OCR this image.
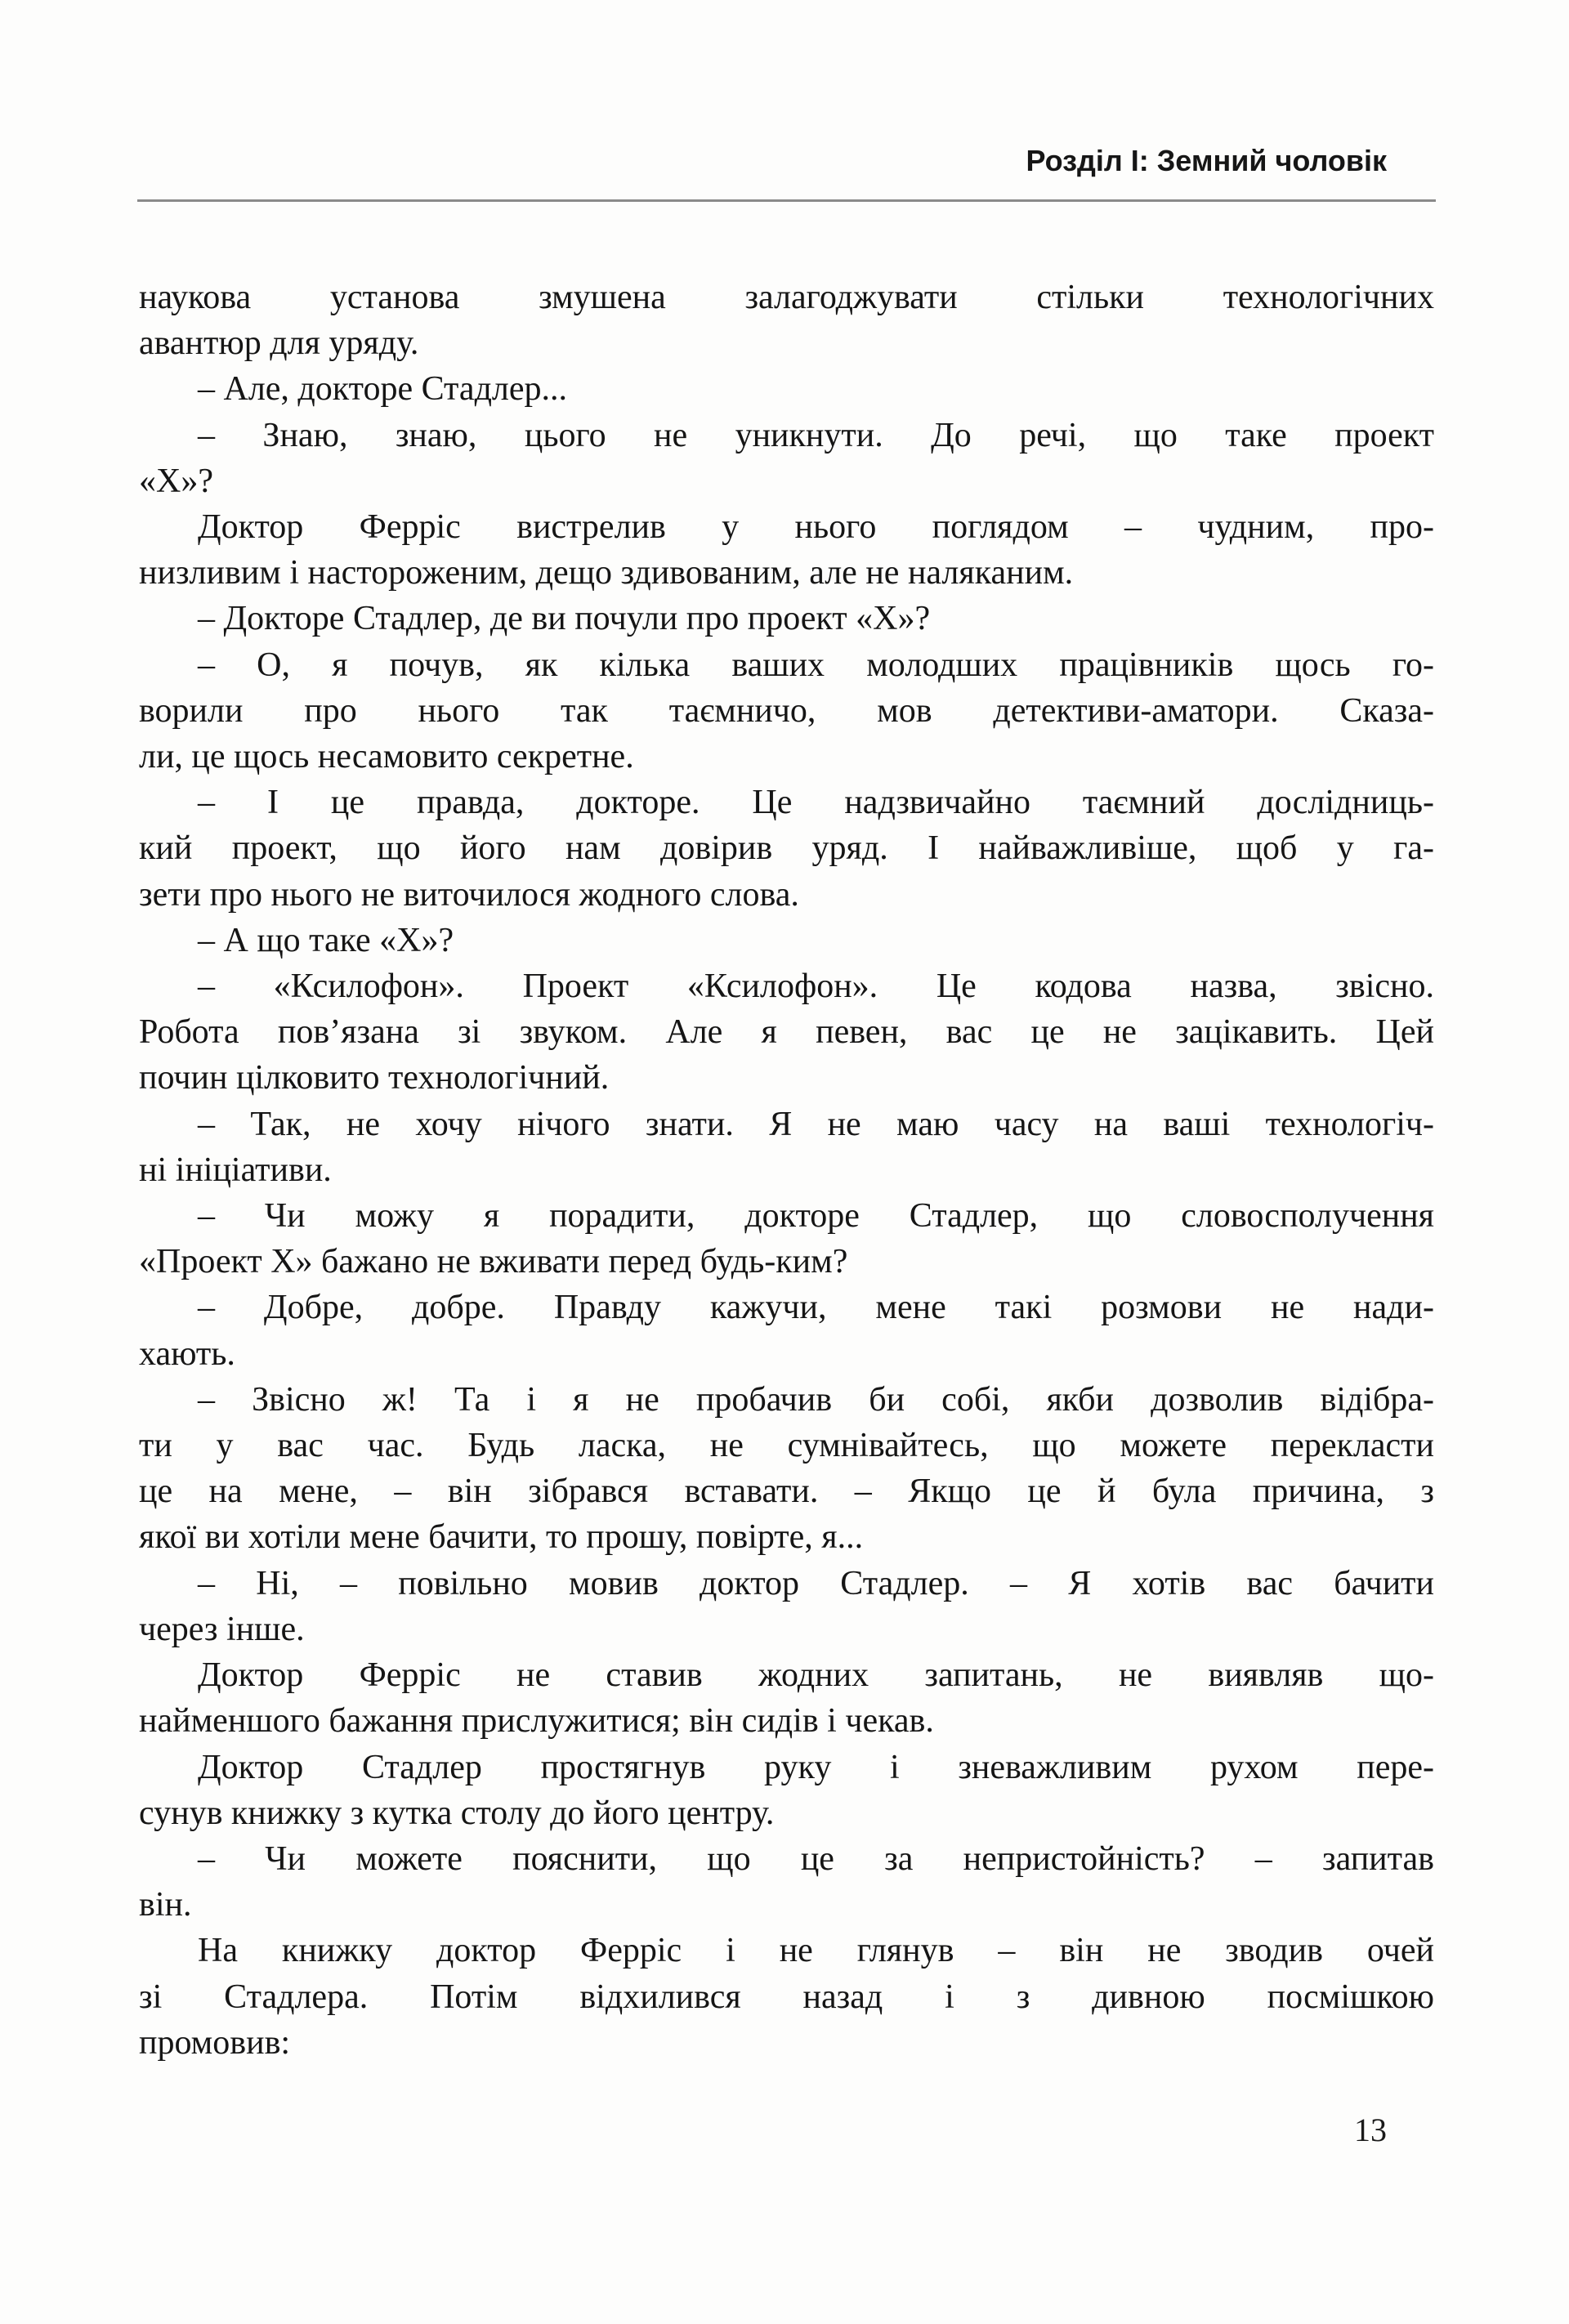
Розділ І: Земний чоловік
наукова установа змушена залагоджувати стільки технологічних
авантюр для уряду.
– Але, докторе Стадлер...
– Знаю, знаю, цього не уникнути. До речі, що таке проект
«Х»?
Доктор Ферріс вистрелив у нього поглядом – чудним, про-
низливим і настороженим, дещо здивованим, але не наляканим.
– Докторе Стадлер, де ви почули про проект «Х»?
– О, я почув, як кілька ваших молодших працівників щось го-
ворили про нього так таємничо, мов детективи-аматори. Сказа-
ли, це щось несамовито секретне.
– І це правда, докторе. Це надзвичайно таємний дослідниць-
кий проект, що його нам довірив уряд. І найважливіше, щоб у га-
зети про нього не виточилося жодного слова.
– А що таке «Х»?
– «Ксилофон». Проект «Ксилофон». Це кодова назва, звісно.
Робота пов’язана зі звуком. Але я певен, вас це не зацікавить. Цей
почин цілковито технологічний.
– Так, не хочу нічого знати. Я не маю часу на ваші технологіч-
ні ініціативи.
– Чи можу я порадити, докторе Стадлер, що словосполучення
«Проект Х» бажано не вживати перед будь-ким?
– Добре, добре. Правду кажучи, мене такі розмови не нади-
хають.
– Звісно ж! Та і я не пробачив би собі, якби дозволив відібра-
ти у вас час. Будь ласка, не сумнівайтесь, що можете перекласти
це на мене, – він зібрався вставати. – Якщо це й була причина, з
якої ви хотіли мене бачити, то прошу, повірте, я...
– Ні, – повільно мовив доктор Стадлер. – Я хотів вас бачити
через інше.
Доктор Ферріс не ставив жодних запитань, не виявляв що-
найменшого бажання прислужитися; він сидів і чекав.
Доктор Стадлер простягнув руку і зневажливим рухом пере-
сунув книжку з кутка столу до його центру.
– Чи можете пояснити, що це за непристойність? – запитав
він.
На книжку доктор Ферріс і не глянув – він не зводив очей
зі Стадлера. Потім відхилився назад і з дивною посмішкою
промовив:
13
